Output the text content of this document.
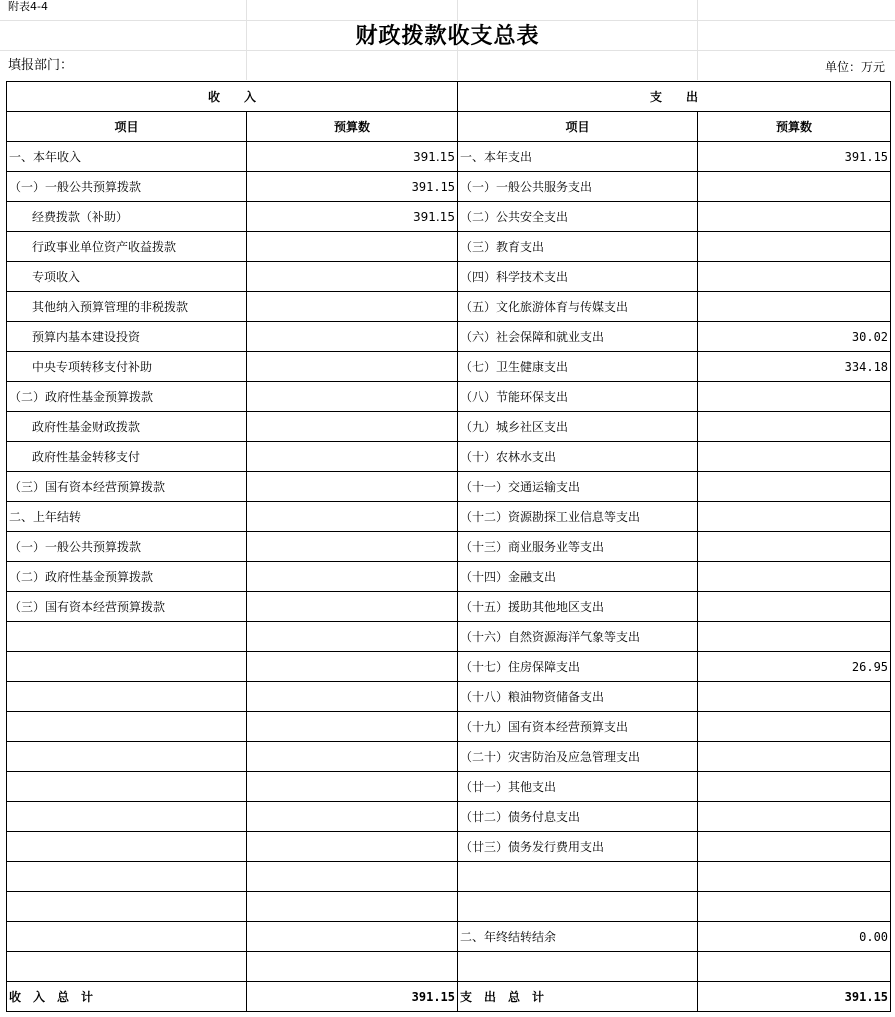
附表4-4
财政拨款收支总表
填报部门：	单位：万元
收　　入		支　　出	
项目	预算数	项目	预算数
一、本年收入	391.15	一、本年支出	391.15
（一）一般公共预算拨款	391.15	（一）一般公共服务支出	
经费拨款（补助）	391.15	（二）公共安全支出	
行政事业单位资产收益拨款		（三）教育支出	
专项收入		（四）科学技术支出	
其他纳入预算管理的非税拨款		（五）文化旅游体育与传媒支出	
预算内基本建设投资		（六）社会保障和就业支出	30.02
中央专项转移支付补助		（七）卫生健康支出	334.18
（二）政府性基金预算拨款		（八）节能环保支出	
政府性基金财政拨款		（九）城乡社区支出	
政府性基金转移支付		（十）农林水支出	
（三）国有资本经营预算拨款		（十一）交通运输支出	
二、上年结转		（十二）资源勘探工业信息等支出	
（一）一般公共预算拨款		（十三）商业服务业等支出	
（二）政府性基金预算拨款		（十四）金融支出	
（三）国有资本经营预算拨款		（十五）援助其他地区支出	
		（十六）自然资源海洋气象等支出	
		（十七）住房保障支出	26.95
		（十八）粮油物资储备支出	
		（十九）国有资本经营预算支出	
		（二十）灾害防治及应急管理支出	
		（廿一）其他支出	
		（廿二）债务付息支出	
		（廿三）债务发行费用支出	

		二、年终结转结余	0.00

收　入　总　计	391.15	支　出　总　计	391.15
.
